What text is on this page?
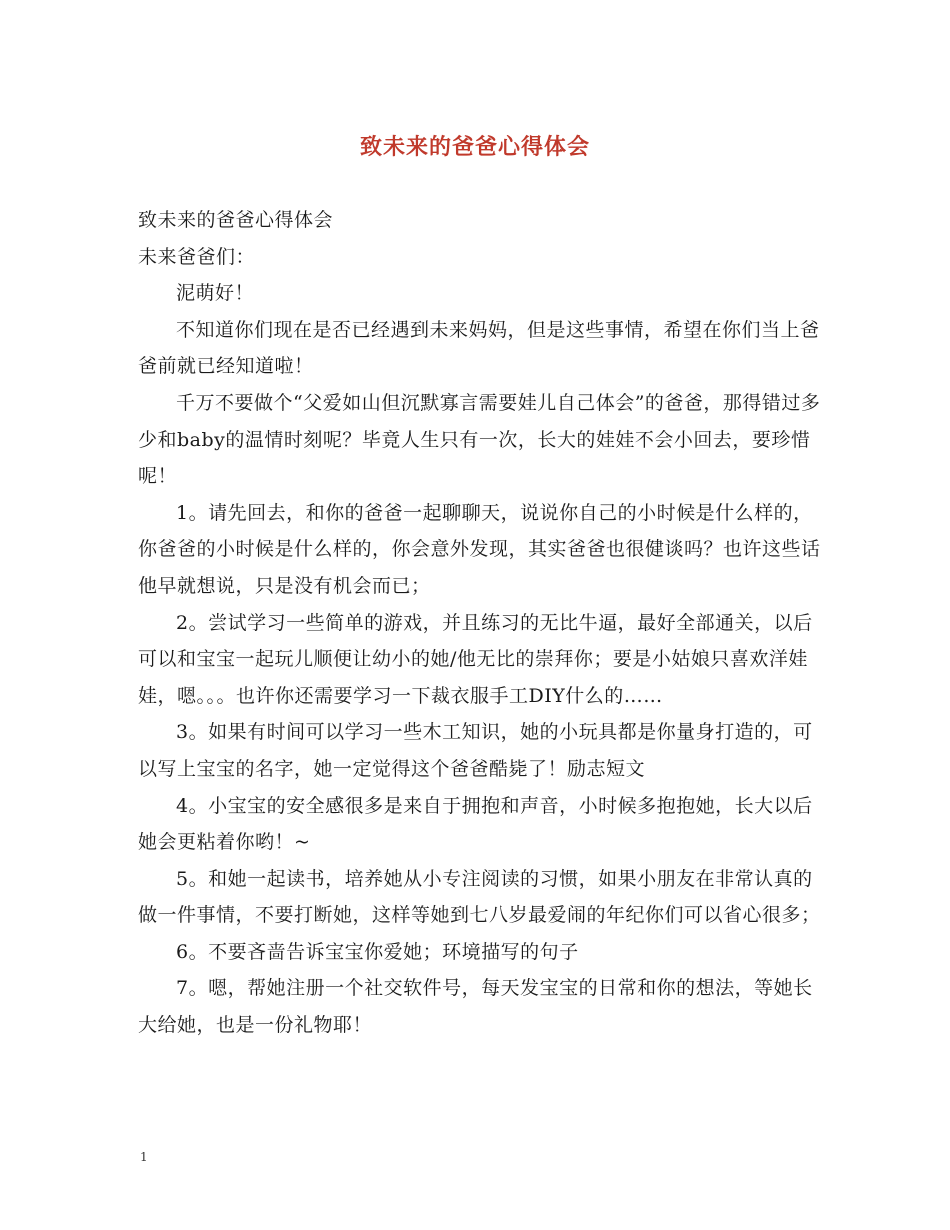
致未来的爸爸心得体会

致未来的爸爸心得体会

未来爸爸们：

泥萌好！

不知道你们现在是否已经遇到未来妈妈，但是这些事情，希望在你们当上爸爸前就已经知道啦！

千万不要做个“父爱如山但沉默寡言需要娃儿自己体会”的爸爸，那得错过多少和baby的温情时刻呢？毕竟人生只有一次，长大的娃娃不会小回去，要珍惜呢！

1。请先回去，和你的爸爸一起聊聊天，说说你自己的小时候是什么样的，你爸爸的小时候是什么样的，你会意外发现，其实爸爸也很健谈吗？也许这些话他早就想说，只是没有机会而已；

2。尝试学习一些简单的游戏，并且练习的无比牛逼，最好全部通关，以后可以和宝宝一起玩儿顺便让幼小的她/他无比的崇拜你；要是小姑娘只喜欢洋娃娃，嗯。。。也许你还需要学习一下裁衣服手工DIY什么的……

3。如果有时间可以学习一些木工知识，她的小玩具都是你量身打造的，可以写上宝宝的名字，她一定觉得这个爸爸酷毙了！励志短文

4。小宝宝的安全感很多是来自于拥抱和声音，小时候多抱抱她，长大以后她会更粘着你哟！~

5。和她一起读书，培养她从小专注阅读的习惯，如果小朋友在非常认真的做一件事情，不要打断她，这样等她到七八岁最爱闹的年纪你们可以省心很多；

6。不要吝啬告诉宝宝你爱她；环境描写的句子

7。嗯，帮她注册一个社交软件号，每天发宝宝的日常和你的想法，等她长大给她，也是一份礼物耶！

1
